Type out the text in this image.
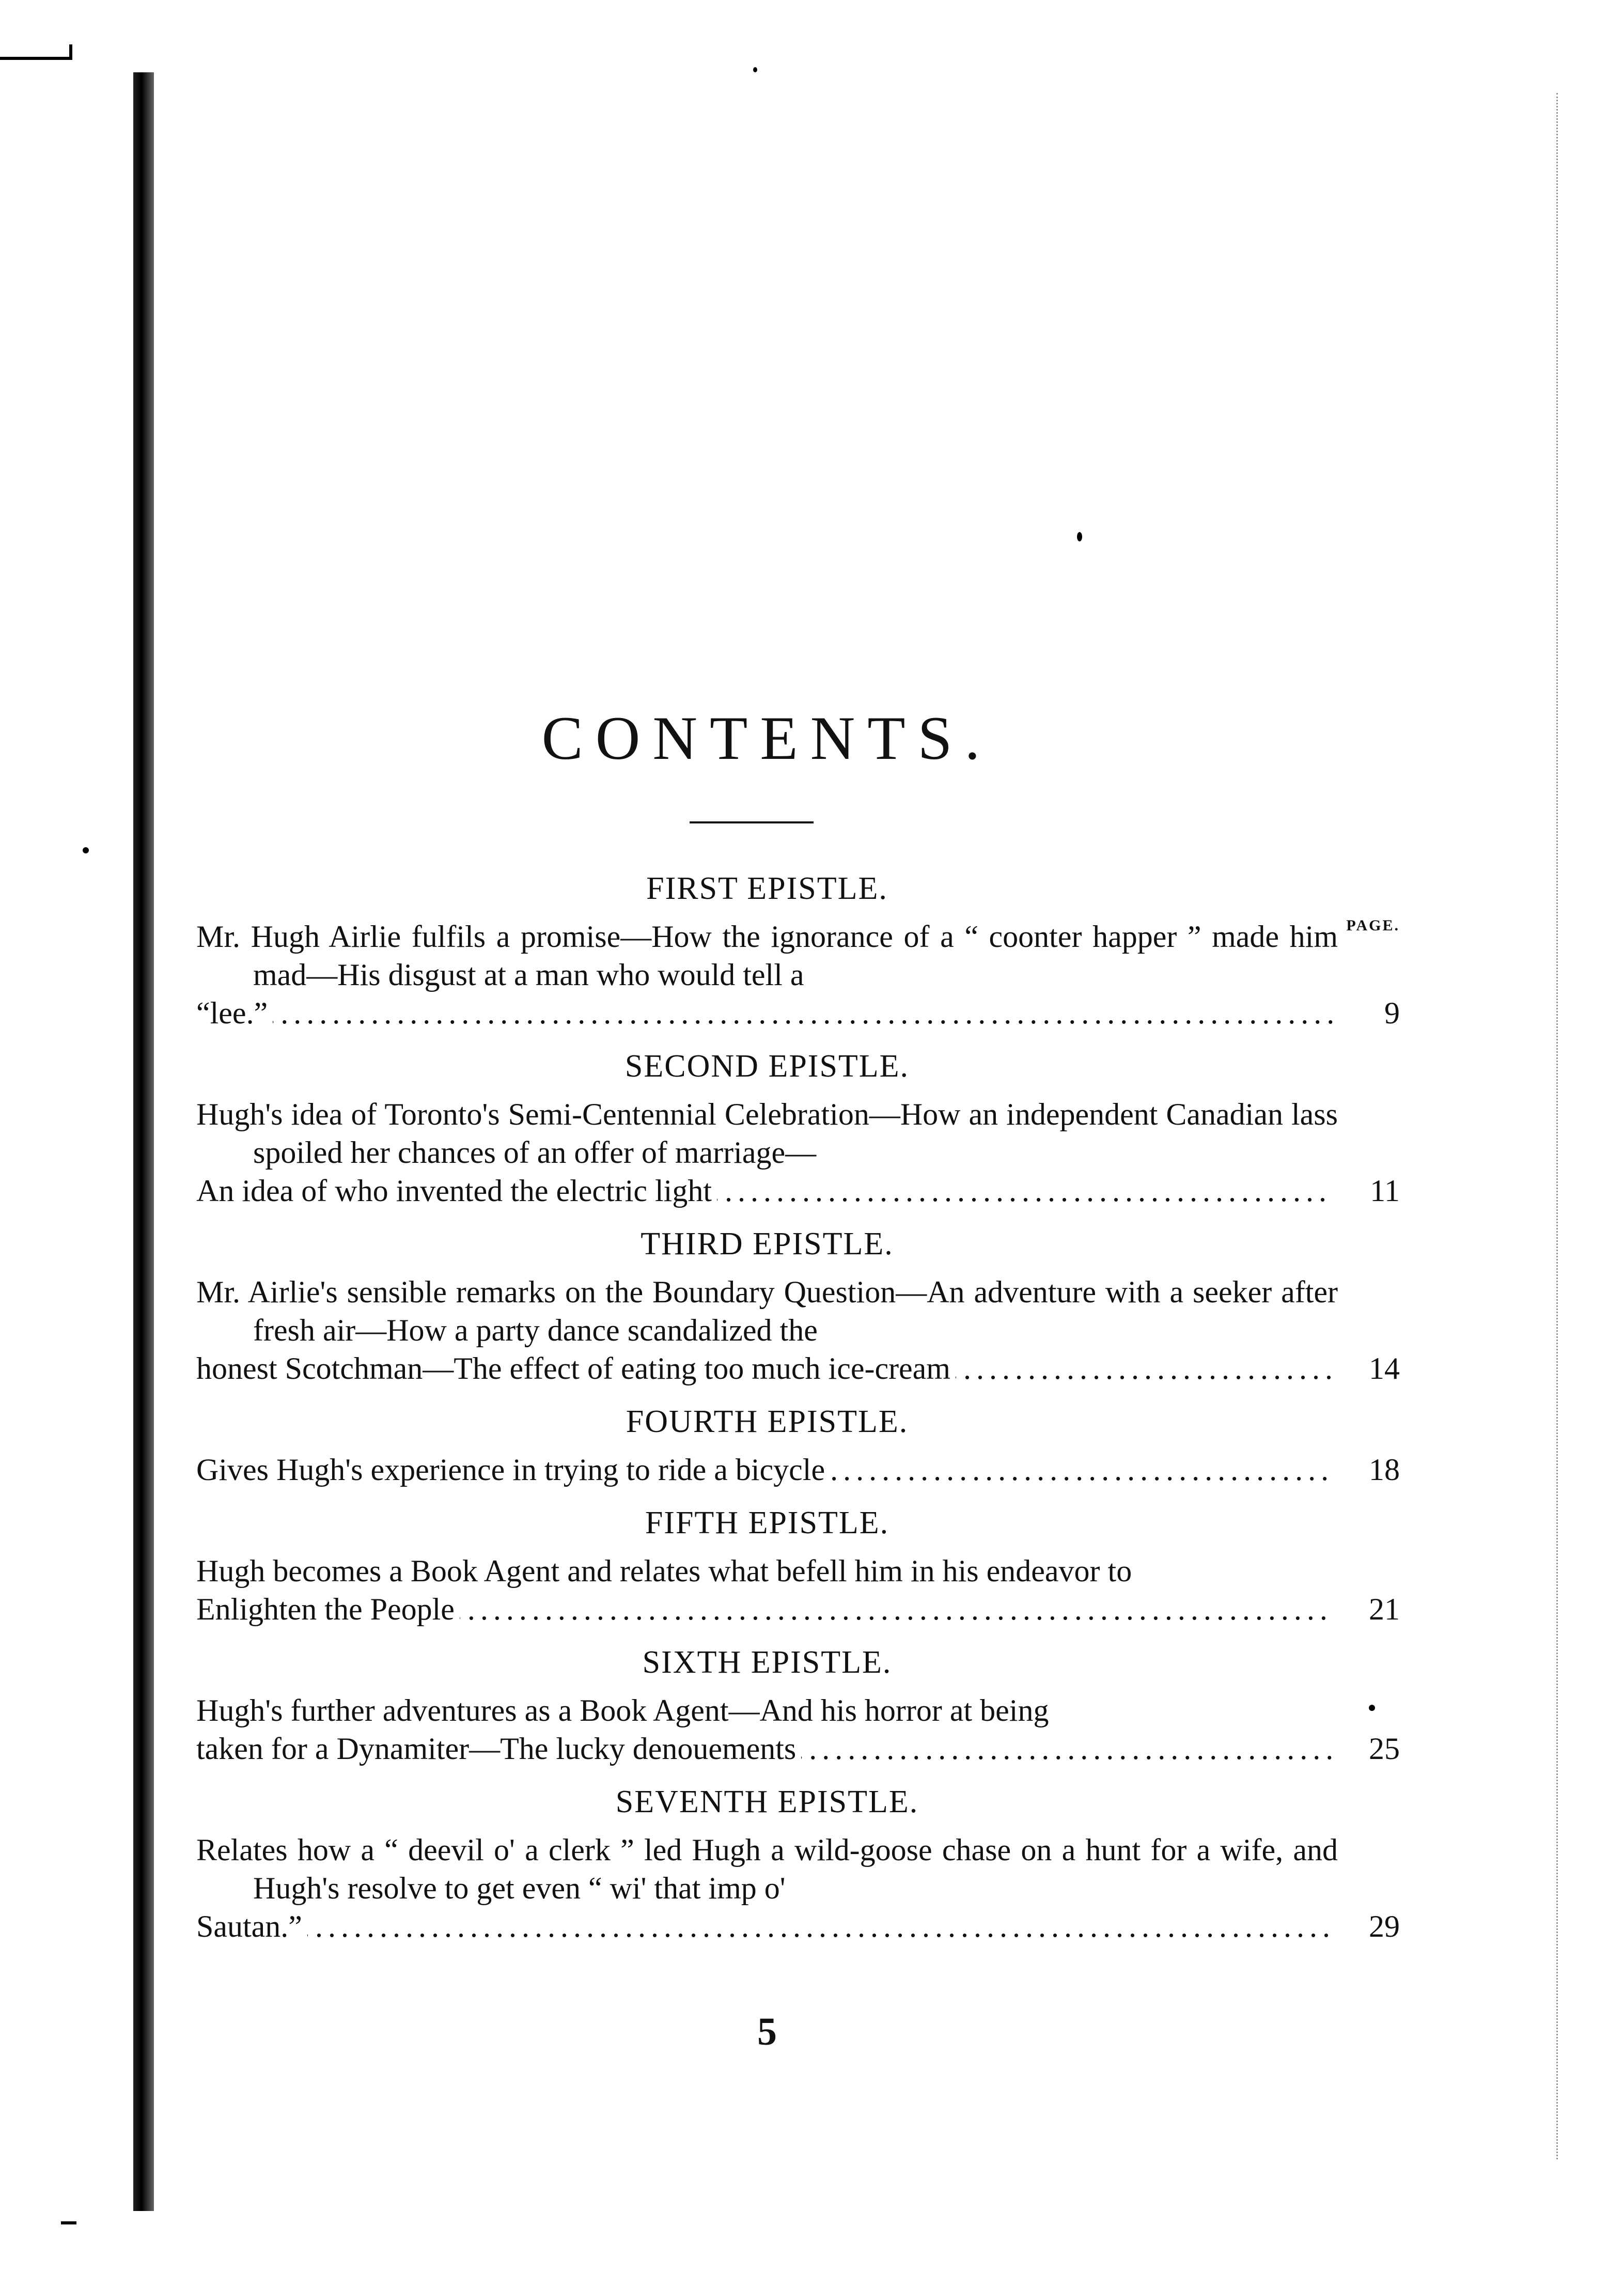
CONTENTS.
PAGE.
FIRST EPISTLE.
Mr. Hugh Airlie fulfils a promise—How the ignorance of a “ coonter happer ” made him mad—His disgust at a man who would tell a
“lee.” .....	9
SECOND EPISTLE.
Hugh's idea of Toronto's Semi-Centennial Celebration—How an independent Canadian lass spoiled her chances of an offer of marriage—
An idea of who invented the electric light .....	11
THIRD EPISTLE.
Mr. Airlie's sensible remarks on the Boundary Question—An adventure with a seeker after fresh air—How a party dance scandalized the
honest Scotchman—The effect of eating too much ice-cream .....	14
FOURTH EPISTLE.
Gives Hugh's experience in trying to ride a bicycle .....	18
FIFTH EPISTLE.
Hugh becomes a Book Agent and relates what befell him in his endeavor to
Enlighten the People .....	21
SIXTH EPISTLE.
Hugh's further adventures as a Book Agent—And his horror at being
taken for a Dynamiter—The lucky denouements .....	25
SEVENTH EPISTLE.
Relates how a “ deevil o' a clerk ” led Hugh a wild-goose chase on a hunt for a wife, and Hugh's resolve to get even “ wi' that imp o'
Sautan.” .....	29
5
